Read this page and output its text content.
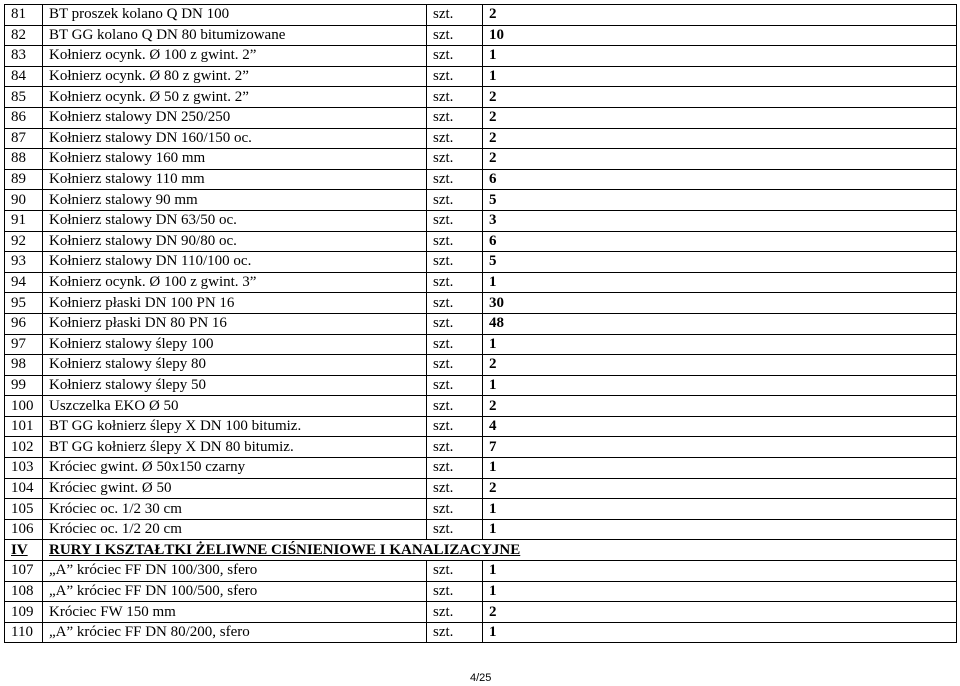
81	BT proszek kolano Q DN 100	szt.	2
82	BT GG kolano Q DN 80 bitumizowane	szt.	10
83	Kołnierz ocynk. Ø 100 z gwint. 2”	szt.	1
84	Kołnierz ocynk. Ø 80 z gwint. 2”	szt.	1
85	Kołnierz ocynk. Ø 50 z gwint. 2”	szt.	2
86	Kołnierz stalowy DN 250/250	szt.	2
87	Kołnierz stalowy DN 160/150 oc.	szt.	2
88	Kołnierz stalowy 160 mm	szt.	2
89	Kołnierz stalowy 110 mm	szt.	6
90	Kołnierz stalowy 90 mm	szt.	5
91	Kołnierz stalowy DN 63/50 oc.	szt.	3
92	Kołnierz stalowy DN 90/80 oc.	szt.	6
93	Kołnierz stalowy DN 110/100 oc.	szt.	5
94	Kołnierz ocynk. Ø 100 z gwint. 3”	szt.	1
95	Kołnierz płaski DN 100 PN 16	szt.	30
96	Kołnierz płaski DN 80 PN 16	szt.	48
97	Kołnierz stalowy ślepy 100	szt.	1
98	Kołnierz stalowy ślepy 80	szt.	2
99	Kołnierz stalowy ślepy 50	szt.	1
100	Uszczelka EKO Ø 50	szt.	2
101	BT GG kołnierz ślepy X DN 100 bitumiz.	szt.	4
102	BT GG kołnierz ślepy X DN 80 bitumiz.	szt.	7
103	Króciec gwint. Ø 50x150 czarny	szt.	1
104	Króciec gwint. Ø 50	szt.	2
105	Króciec oc. 1/2 30 cm	szt.	1
106	Króciec oc. 1/2 20 cm	szt.	1
IV	RURY I KSZTAŁTKI ŻELIWNE CIŚNIENIOWE I KANALIZACYJNE		
107	„A” króciec FF DN 100/300, sfero	szt.	1
108	„A” króciec FF DN 100/500, sfero	szt.	1
109	Króciec FW 150 mm	szt.	2
110	„A” króciec FF DN 80/200, sfero	szt.	1
4/25
